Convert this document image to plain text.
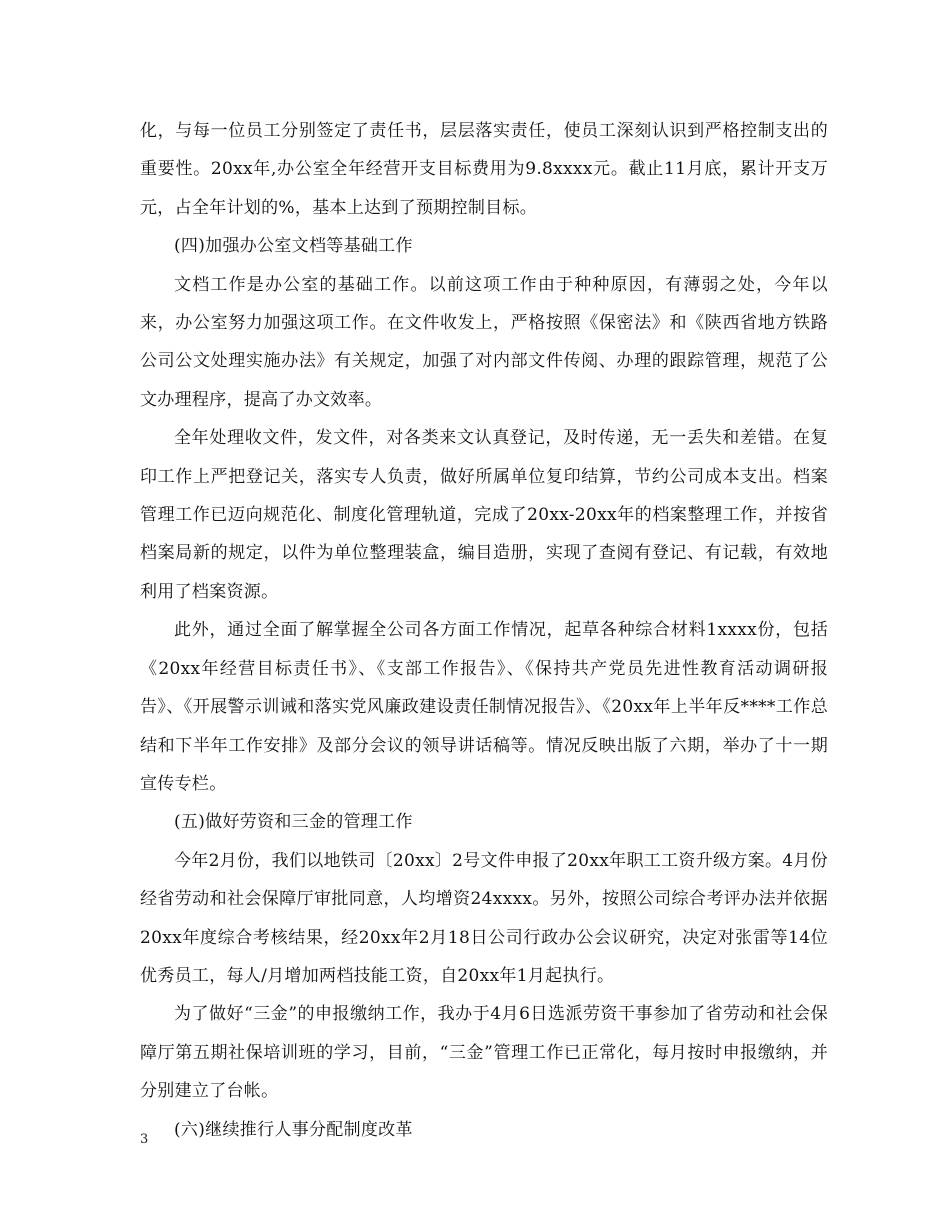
化，与每一位员工分别签定了责任书，层层落实责任，使员工深刻认识到严格控制支出的重要性。20xx年,办公室全年经营开支目标费用为9.8xxxx元。截止11月底，累计开支万元，占全年计划的%，基本上达到了预期控制目标。

(四)加强办公室文档等基础工作

文档工作是办公室的基础工作。以前这项工作由于种种原因，有薄弱之处，今年以来，办公室努力加强这项工作。在文件收发上，严格按照《保密法》和《陕西省地方铁路公司公文处理实施办法》有关规定，加强了对内部文件传阅、办理的跟踪管理，规范了公文办理程序，提高了办文效率。

全年处理收文件，发文件，对各类来文认真登记，及时传递，无一丢失和差错。在复印工作上严把登记关，落实专人负责，做好所属单位复印结算，节约公司成本支出。档案管理工作已迈向规范化、制度化管理轨道，完成了20xx-20xx年的档案整理工作，并按省档案局新的规定，以件为单位整理装盒，编目造册，实现了查阅有登记、有记载，有效地利用了档案资源。

此外，通过全面了解掌握全公司各方面工作情况，起草各种综合材料1xxxx份，包括《20xx年经营目标责任书》、《支部工作报告》、《保持共产党员先进性教育活动调研报告》、《开展警示训诫和落实党风廉政建设责任制情况报告》、《20xx年上半年反****工作总结和下半年工作安排》及部分会议的领导讲话稿等。情况反映出版了六期，举办了十一期宣传专栏。

(五)做好劳资和三金的管理工作

今年2月份，我们以地铁司〔20xx〕2号文件申报了20xx年职工工资升级方案。4月份经省劳动和社会保障厅审批同意，人均增资24xxxx。另外，按照公司综合考评办法并依据20xx年度综合考核结果，经20xx年2月18日公司行政办公会议研究，决定对张雷等14位优秀员工，每人/月增加两档技能工资，自20xx年1月起执行。

为了做好“三金”的申报缴纳工作，我办于4月6日选派劳资干事参加了省劳动和社会保障厅第五期社保培训班的学习，目前，“三金”管理工作已正常化，每月按时申报缴纳，并分别建立了台帐。

(六)继续推行人事分配制度改革

3
